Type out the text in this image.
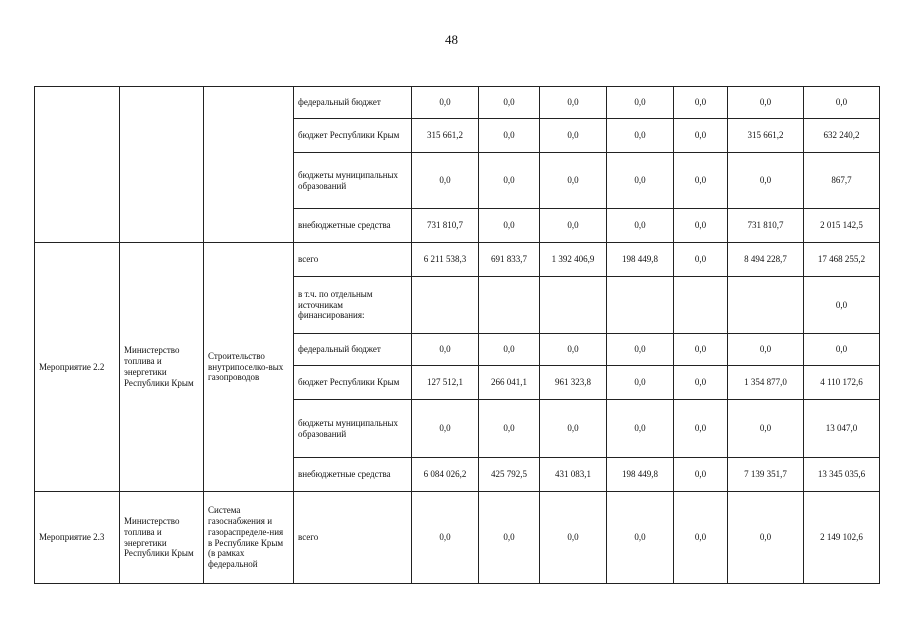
48
			федеральный бюджет	0,0	0,0	0,0	0,0	0,0	0,0	0,0
			бюджет Республики Крым	315 661,2	0,0	0,0	0,0	0,0	315 661,2	632 240,2
			бюджеты муниципальных образований	0,0	0,0	0,0	0,0	0,0	0,0	867,7
			внебюджетные средства	731 810,7	0,0	0,0	0,0	0,0	731 810,7	2 015 142,5
Мероприятие 2.2	Министерство топлива и энергетики Республики Крым	Строительство внутрипоселко-вых газопроводов	всего	6 211 538,3	691 833,7	1 392 406,9	198 449,8	0,0	8 494 228,7	17 468 255,2
			в т.ч. по отдельным источникам финансирования:							0,0
			федеральный бюджет	0,0	0,0	0,0	0,0	0,0	0,0	0,0
			бюджет Республики Крым	127 512,1	266 041,1	961 323,8	0,0	0,0	1 354 877,0	4 110 172,6
			бюджеты муниципальных образований	0,0	0,0	0,0	0,0	0,0	0,0	13 047,0
			внебюджетные средства	6 084 026,2	425 792,5	431 083,1	198 449,8	0,0	7 139 351,7	13 345 035,6
Мероприятие 2.3	Министерство топлива и энергетики Республики Крым	Система газоснабжения и газораспределе-ния в Республике Крым (в рамках федеральной	всего	0,0	0,0	0,0	0,0	0,0	0,0	2 149 102,6
